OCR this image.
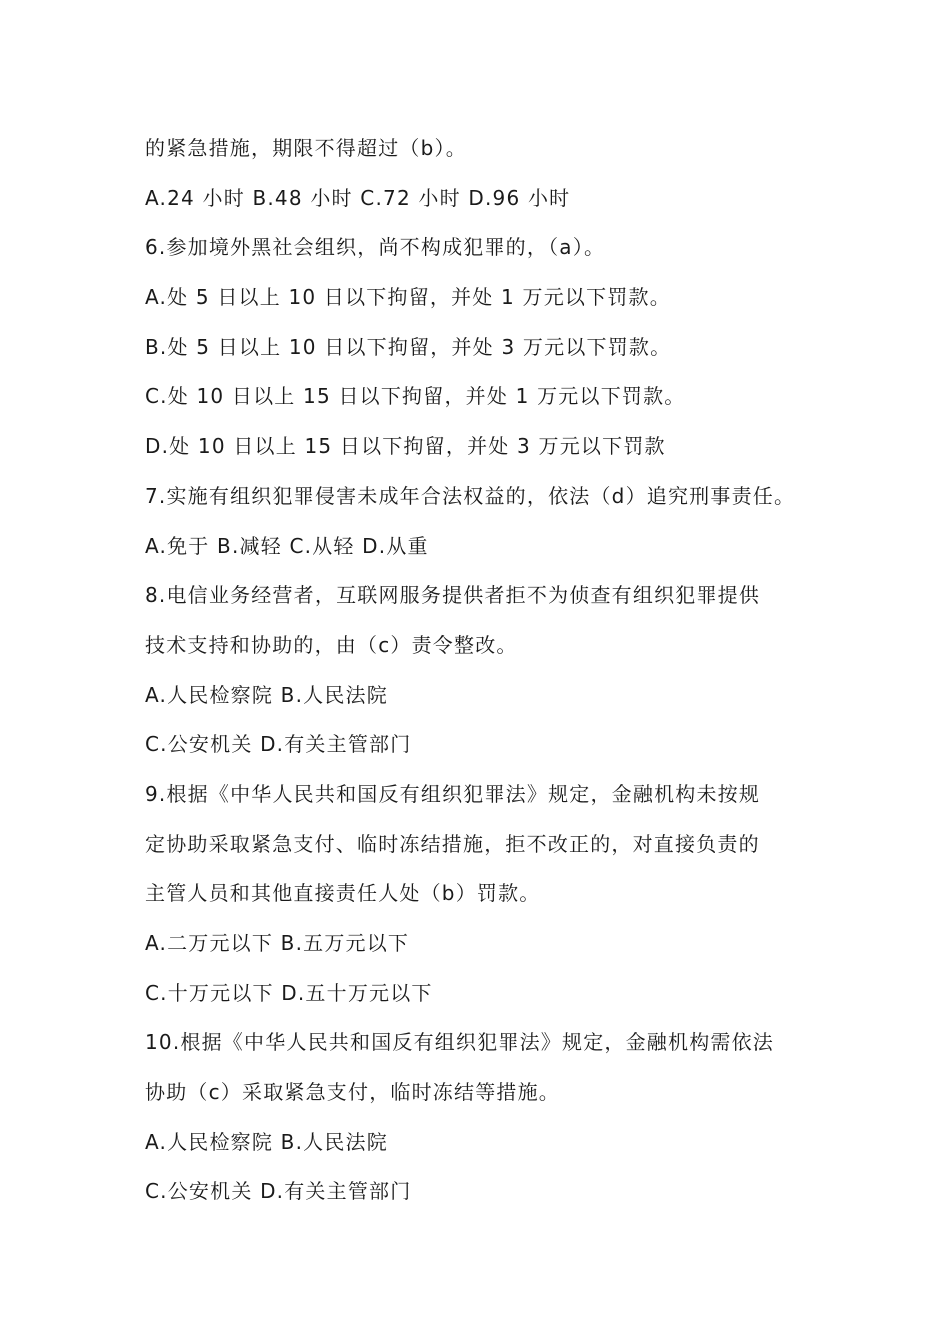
的紧急措施，期限不得超过（b）。
A.24 小时 B.48 小时 C.72 小时 D.96 小时
6.参加境外黑社会组织，尚不构成犯罪的，（a）。
A.处 5 日以上 10 日以下拘留，并处 1 万元以下罚款。
B.处 5 日以上 10 日以下拘留，并处 3 万元以下罚款。
C.处 10 日以上 15 日以下拘留，并处 1 万元以下罚款。
D.处 10 日以上 15 日以下拘留，并处 3 万元以下罚款
7.实施有组织犯罪侵害未成年合法权益的，依法（d）追究刑事责任。
A.免于 B.减轻 C.从轻 D.从重
8.电信业务经营者，互联网服务提供者拒不为侦查有组织犯罪提供
技术支持和协助的，由（c）责令整改。
A.人民检察院 B.人民法院
C.公安机关 D.有关主管部门
9.根据《中华人民共和国反有组织犯罪法》规定，金融机构未按规
定协助采取紧急支付、临时冻结措施，拒不改正的，对直接负责的
主管人员和其他直接责任人处（b）罚款。
A.二万元以下 B.五万元以下
C.十万元以下 D.五十万元以下
10.根据《中华人民共和国反有组织犯罪法》规定，金融机构需依法
协助（c）采取紧急支付，临时冻结等措施。
A.人民检察院 B.人民法院
C.公安机关 D.有关主管部门
